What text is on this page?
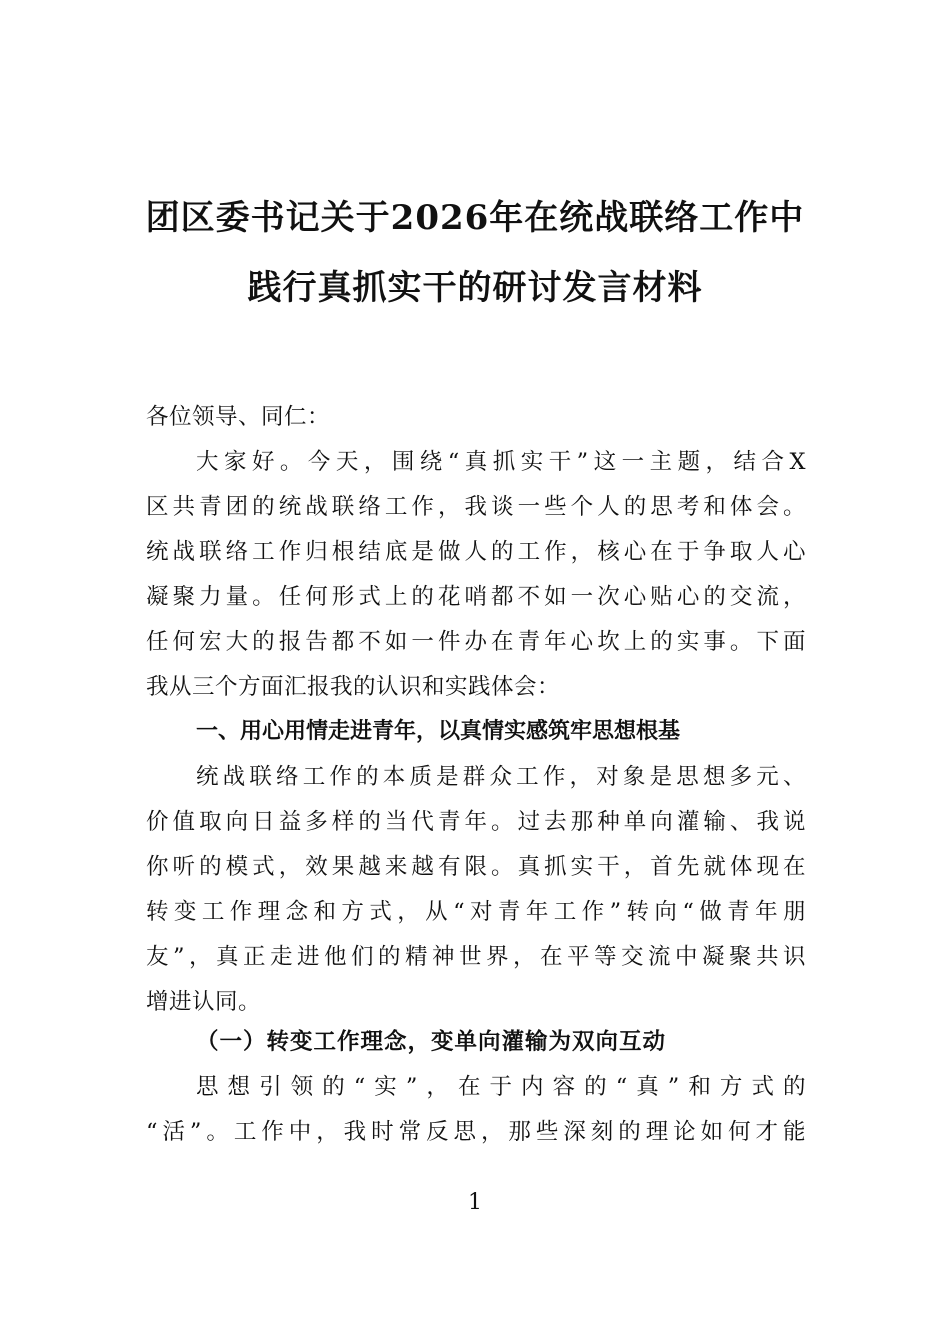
团区委书记关于2026年在统战联络工作中
践行真抓实干的研讨发言材料
各位领导、同仁：
大家好。今天，围绕“真抓实干”这一主题，结合X
区共青团的统战联络工作，我谈一些个人的思考和体会。
统战联络工作归根结底是做人的工作，核心在于争取人心
凝聚力量。任何形式上的花哨都不如一次心贴心的交流，
任何宏大的报告都不如一件办在青年心坎上的实事。下面
我从三个方面汇报我的认识和实践体会：
一、用心用情走进青年，以真情实感筑牢思想根基
统战联络工作的本质是群众工作，对象是思想多元、
价值取向日益多样的当代青年。过去那种单向灌输、我说
你听的模式，效果越来越有限。真抓实干，首先就体现在
转变工作理念和方式，从“对青年工作”转向“做青年朋
友”，真正走进他们的精神世界，在平等交流中凝聚共识
增进认同。
（一）转变工作理念，变单向灌输为双向互动
思想引领的“实”，在于内容的“真”和方式的
“活”。工作中，我时常反思，那些深刻的理论如何才能
1
